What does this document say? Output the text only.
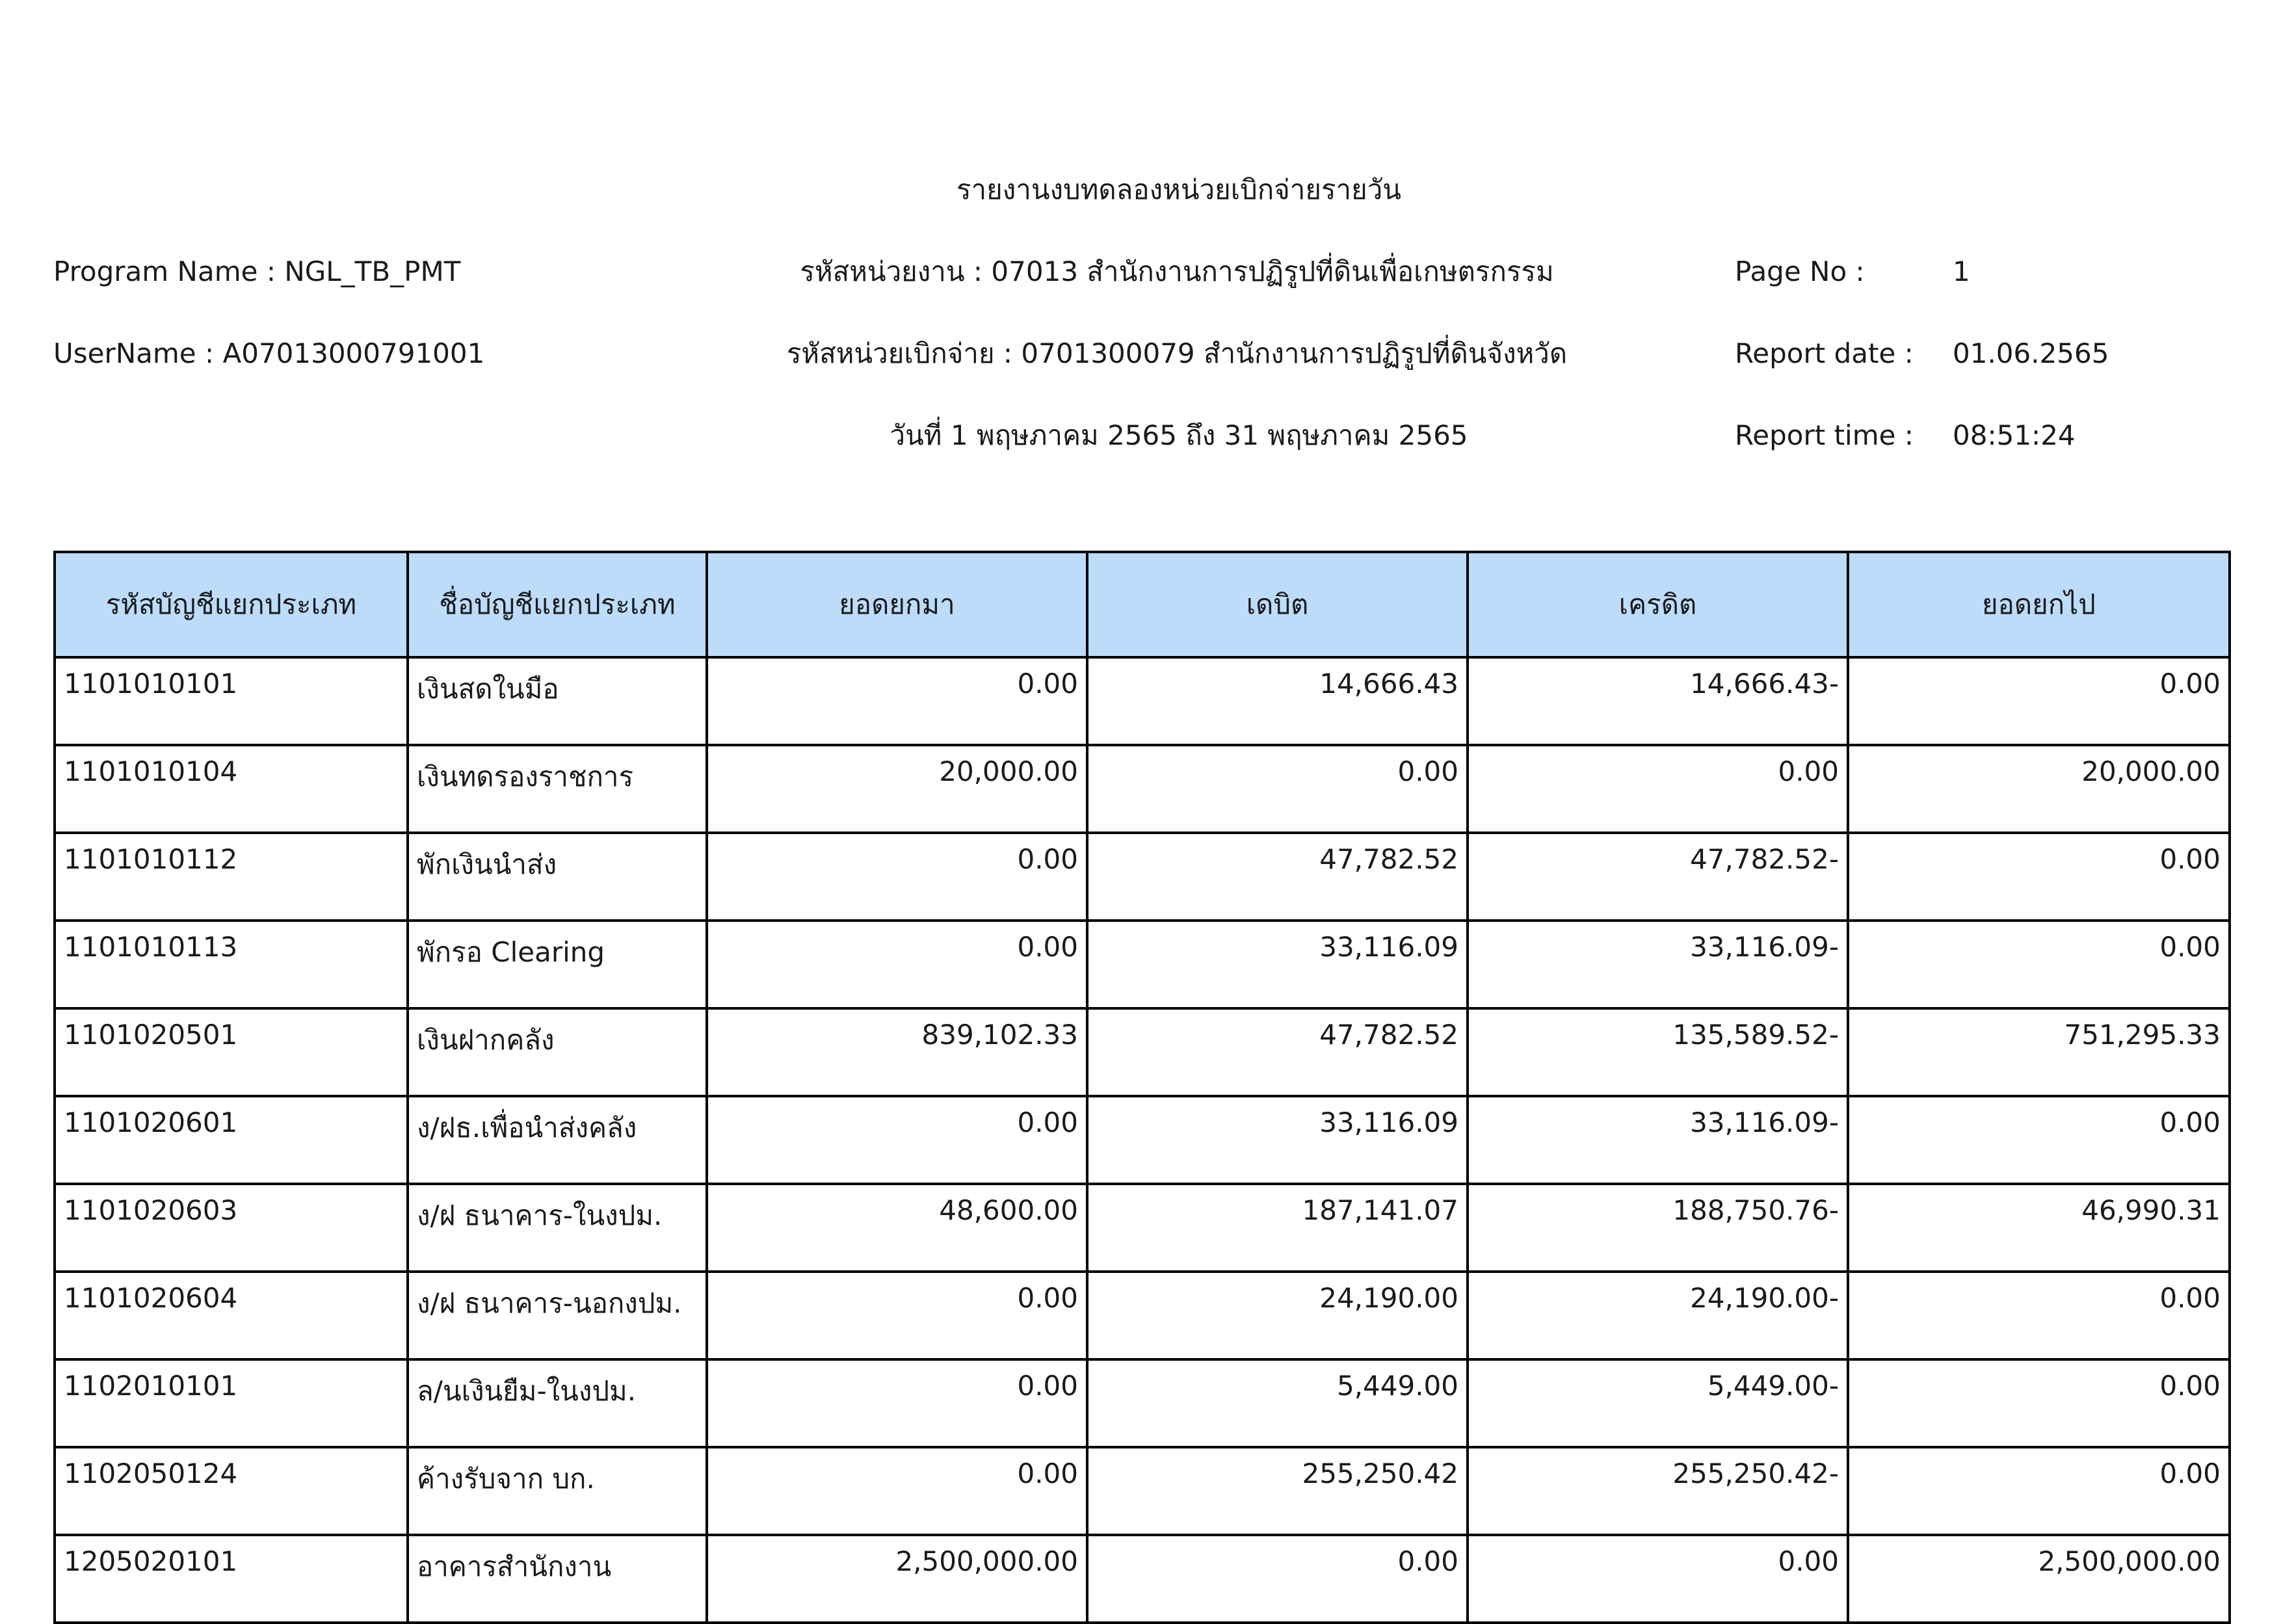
รายงานงบทดลองหน่วยเบิกจ่ายรายวัน
Program Name : NGL_TB_PMT	รหัสหน่วยงาน : 07013 สำนักงานการปฏิรูปที่ดินเพื่อเกษตรกรรม	Page No :	1
UserName : A07013000791001	รหัสหน่วยเบิกจ่าย : 0701300079 สำนักงานการปฏิรูปที่ดินจังหวัด	Report date : 01.06.2565
วันที่ 1 พฤษภาคม 2565 ถึง 31 พฤษภาคม 2565	Report time : 08:51:24
รหัสบัญชีแยกประเภท	ชื่อบัญชีแยกประเภท	ยอดยกมา	เดบิต	เครดิต	ยอดยกไป
1101010101	เงินสดในมือ	0.00	14,666.43	14,666.43-	0.00
1101010104	เงินทดรองราชการ	20,000.00	0.00	0.00	20,000.00
1101010112	พักเงินนำส่ง	0.00	47,782.52	47,782.52-	0.00
1101010113	พักรอ Clearing	0.00	33,116.09	33,116.09-	0.00
1101020501	เงินฝากคลัง	839,102.33	47,782.52	135,589.52-	751,295.33
1101020601	ง/ฝธ.เพื่อนำส่งคลัง	0.00	33,116.09	33,116.09-	0.00
1101020603	ง/ฝ ธนาคาร-ในงปม.	48,600.00	187,141.07	188,750.76-	46,990.31
1101020604	ง/ฝ ธนาคาร-นอกงปม.	0.00	24,190.00	24,190.00-	0.00
1102010101	ล/นเงินยืม-ในงปม.	0.00	5,449.00	5,449.00-	0.00
1102050124	ค้างรับจาก บก.	0.00	255,250.42	255,250.42-	0.00
1205020101	อาคารสำนักงาน	2,500,000.00	0.00	0.00	2,500,000.00
